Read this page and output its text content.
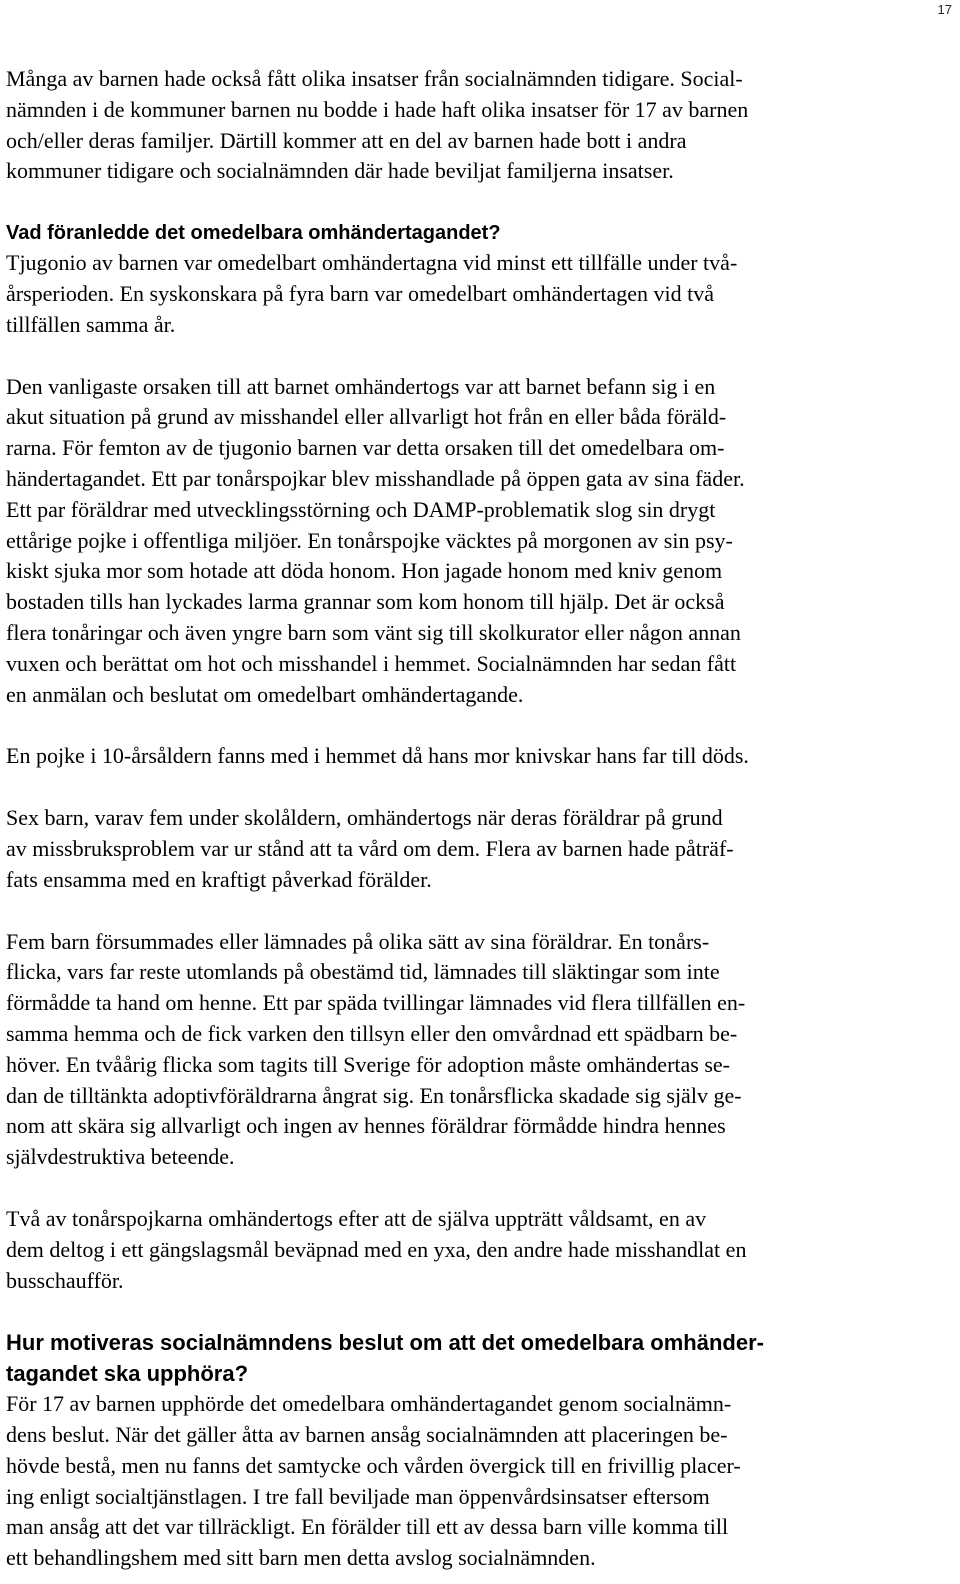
17
Många av barnen hade också fått olika insatser från socialnämnden tidigare. Social-
nämnden i de kommuner barnen nu bodde i hade haft olika insatser för 17 av barnen
och/eller deras familjer. Därtill kommer att en del av barnen hade bott i andra
kommuner tidigare och socialnämnden där hade beviljat familjerna insatser.
Vad föranledde det omedelbara omhändertagandet?
Tjugonio av barnen var omedelbart omhändertagna vid minst ett tillfälle under två-
årsperioden. En syskonskara på fyra barn var omedelbart omhändertagen vid två
tillfällen samma år.
Den vanligaste orsaken till att barnet omhändertogs var att barnet befann sig i en
akut situation på grund av misshandel eller allvarligt hot från en eller båda föräld-
rarna. För femton av de tjugonio barnen var detta orsaken till det omedelbara om-
händertagandet. Ett par tonårspojkar blev misshandlade på öppen gata av sina fäder.
Ett par föräldrar med utvecklingsstörning och DAMP-problematik slog sin drygt
ettårige pojke i offentliga miljöer. En tonårspojke väcktes på morgonen av sin psy-
kiskt sjuka mor som hotade att döda honom. Hon jagade honom med kniv genom
bostaden tills han lyckades larma grannar som kom honom till hjälp. Det är också
flera tonåringar och även yngre barn som vänt sig till skolkurator eller någon annan
vuxen och berättat om hot och misshandel i hemmet. Socialnämnden har sedan fått
en anmälan och beslutat om omedelbart omhändertagande.
En pojke i 10-årsåldern fanns med i hemmet då hans mor knivskar hans far till döds.
Sex barn, varav fem under skolåldern, omhändertogs när deras föräldrar på grund
av missbruksproblem var ur stånd att ta vård om dem. Flera av barnen hade påträf-
fats ensamma med en kraftigt påverkad förälder.
Fem barn försummades eller lämnades på olika sätt av sina föräldrar. En tonårs-
flicka, vars far reste utomlands på obestämd tid, lämnades till släktingar som inte
förmådde ta hand om henne. Ett par späda tvillingar lämnades vid flera tillfällen en-
samma hemma och de fick varken den tillsyn eller den omvårdnad ett spädbarn be-
höver. En tvåårig flicka som tagits till Sverige för adoption måste omhändertas se-
dan de tilltänkta adoptivföräldrarna ångrat sig. En tonårsflicka skadade sig själv ge-
nom att skära sig allvarligt och ingen av hennes föräldrar förmådde hindra hennes
självdestruktiva beteende.
Två av tonårspojkarna omhändertogs efter att de själva uppträtt våldsamt, en av
dem deltog i ett gängslagsmål beväpnad med en yxa, den andre hade misshandlat en
busschaufför.
Hur motiveras socialnämndens beslut om att det omedelbara omhänder-
tagandet ska upphöra?
För 17 av barnen upphörde det omedelbara omhändertagandet genom socialnämn-
dens beslut. När det gäller åtta av barnen ansåg socialnämnden att placeringen be-
hövde bestå, men nu fanns det samtycke och vården övergick till en frivillig placer-
ing enligt socialtjänstlagen. I tre fall beviljade man öppenvårdsinsatser eftersom
man ansåg att det var tillräckligt. En förälder till ett av dessa barn ville komma till
ett behandlingshem med sitt barn men detta avslog socialnämnden.
